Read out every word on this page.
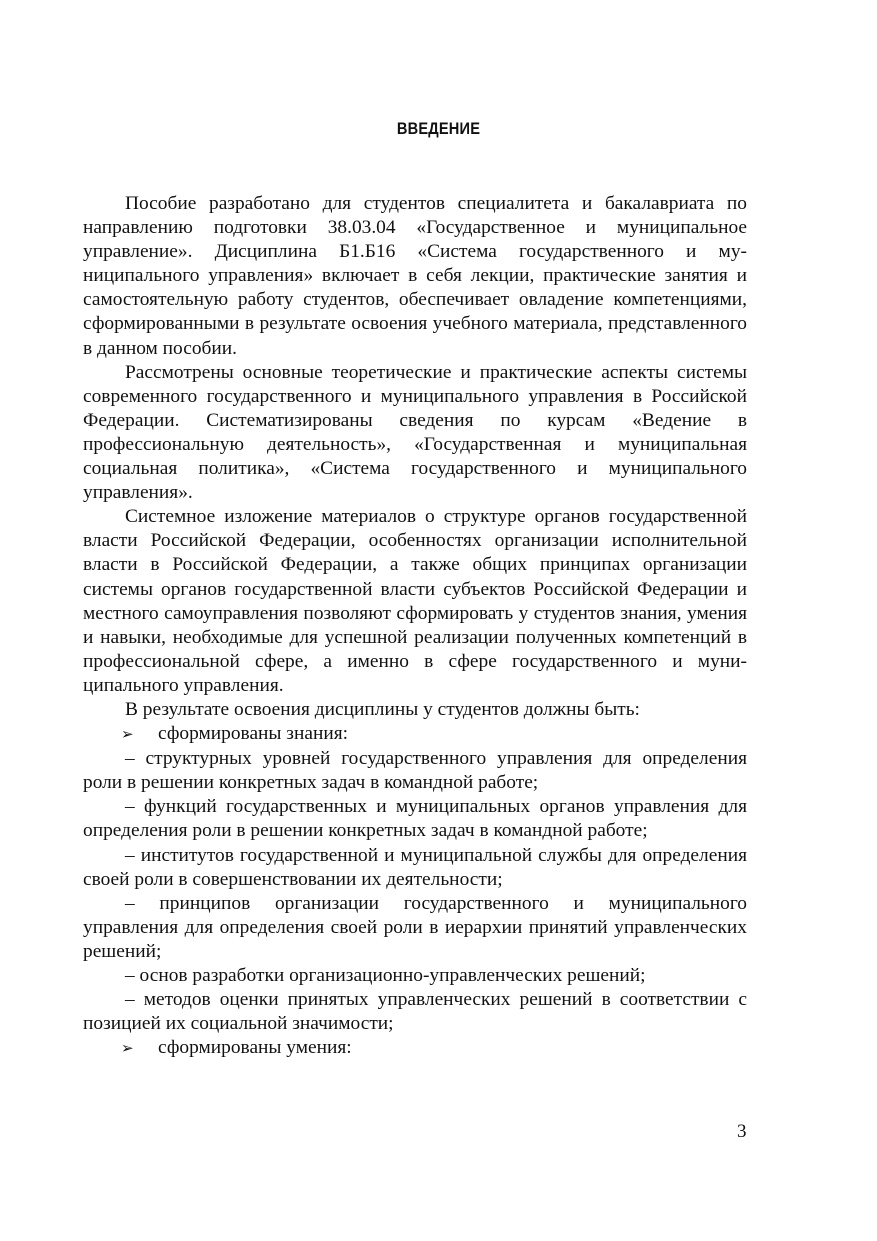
ВВЕДЕНИЕ

Пособие разработано для студентов специалитета и бакалавриата по направлению подготовки 38.03.04 «Государственное и муниципальное управление». Дисциплина Б1.Б16 «Система государственного и муниципального управления» включает в себя лекции, практические занятия и самостоятельную работу студентов, обеспечивает овладение компетенциями, сформированными в результате освоения учебного материала, представленного в данном пособии.

Рассмотрены основные теоретические и практические аспекты системы современного государственного и муниципального управления в Российской Федерации. Систематизированы сведения по курсам «Ведение в профессиональную деятельность», «Государственная и муниципальная социальная политика», «Система государственного и муниципального управления».

Системное изложение материалов о структуре органов государственной власти Российской Федерации, особенностях организации исполнительной власти в Российской Федерации, а также общих принципах организации системы органов государственной власти субъектов Российской Федерации и местного самоуправления позволяют сформировать у студентов знания, умения и навыки, необходимые для успешной реализации полученных компетенций в профессиональной сфере, а именно в сфере государственного и муниципального управления.

В результате освоения дисциплины у студентов должны быть:

➢ сформированы знания:

– структурных уровней государственного управления для определения роли в решении конкретных задач в командной работе;

– функций государственных и муниципальных органов управления для определения роли в решении конкретных задач в командной работе;

– институтов государственной и муниципальной службы для определения своей роли в совершенствовании их деятельности;

– принципов организации государственного и муниципального управления для определения своей роли в иерархии принятий управленческих решений;

– основ разработки организационно-управленческих решений;

– методов оценки принятых управленческих решений в соответствии с позицией их социальной значимости;

➢ сформированы умения:

3
